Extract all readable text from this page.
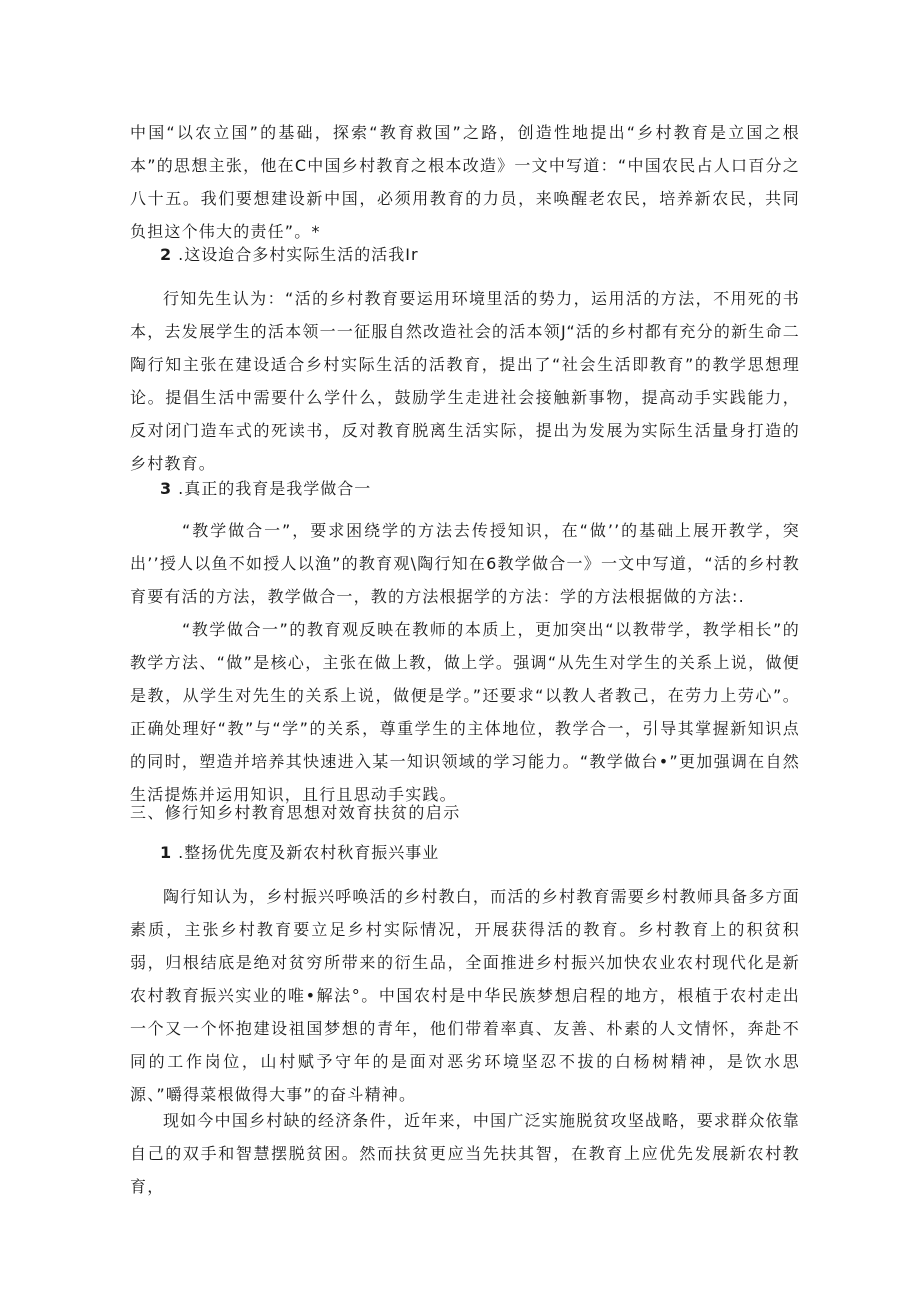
中国“以农立国”的基础，探索“教育救国”之路，创造性地提出“乡村教育是立国之根本”的思想主张，他在C中国乡村教育之根本改造》一文中写道：“中国农民占人口百分之八十五。我们要想建设新中国，必须用教育的力员，来唤醒老农民，培养新农民，共同负担这个伟大的责任”。*

2 .这设迨合多村实际生活的活我Ir

行知先生认为：“活的乡村教育要运用环境里活的势力，运用活的方法，不用死的书本，去发展学生的活本领一一征服自然改造社会的活本领J“活的乡村都有充分的新生命二陶行知主张在建设适合乡村实际生活的活教育，提出了“社会生活即教育”的教学思想理论。提倡生活中需要什么学什么，鼓励学生走进社会接触新事物，提高动手实践能力，反对闭门造车式的死读书，反对教育脱离生活实际，提出为发展为实际生活量身打造的乡村教育。

3 .真正的我育是我学做合一

“教学做合一”，要求困绕学的方法去传授知识，在“做’’的基础上展开教学，突出’’授人以鱼不如授人以渔”的教育观\陶行知在6教学做合一》一文中写道，“活的乡村教育要有活的方法，教学做合一，教的方法根据学的方法：学的方法根据做的方法:.

“教学做合一”的教育观反映在教师的本质上，更加突出“以教带学，教学相长”的教学方法、“做”是核心，主张在做上教，做上学。强调“从先生对学生的关系上说，做便是教，从学生对先生的关系上说，做便是学。”还要求“以教人者教己，在劳力上劳心”。正确处理好“教”与“学”的关系，尊重学生的主体地位，教学合一，引导其掌握新知识点的同时，塑造并培养其快速进入某一知识领域的学习能力。“教学做台•”更加强调在自然生活提炼并运用知识，且行且思动手实践。

三、修行知乡村教育思想对效育扶贫的启示
1 .整扬优先度及新农村秋育振兴事业

陶行知认为，乡村振兴呼唤活的乡村教白，而活的乡村教育需要乡村教师具备多方面素质，主张乡村教育要立足乡村实际情况，开展获得活的教育。乡村教育上的积贫积弱，归根结底是绝对贫穷所带来的衍生品，全面推进乡村振兴加快农业农村现代化是新农村教育振兴实业的唯•解法°。中国农村是中华民族梦想启程的地方，根植于农村走出一个又一个怀抱建设祖国梦想的青年，他们带着率真、友善、朴素的人文情怀，奔赴不同的工作岗位，山村赋予守年的是面对恶劣环境坚忍不拔的白杨树精神，是饮水思源、”嚼得菜根做得大事”的奋斗精神。

现如今中国乡村缺的经济条件，近年来，中国广泛实施脱贫攻坚战略，要求群众依靠自己的双手和智慧摆脱贫困。然而扶贫更应当先扶其智，在教育上应优先发展新农村教育，
